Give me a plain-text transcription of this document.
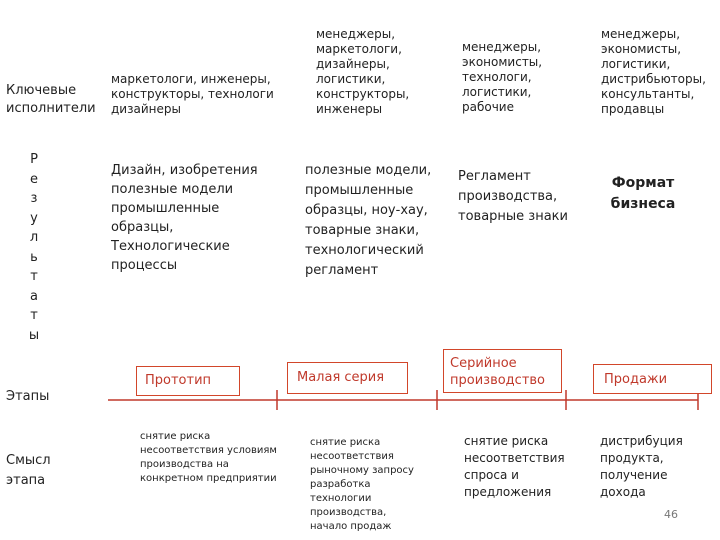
Ключевые
исполнители
Р
е
з
у
л
ь
т
а
т
ы
Этапы
Смысл
этапа
маркетологи, инженеры,
конструкторы, технологи
дизайнеры
менеджеры,
маркетологи,
дизайнеры,
логистики,
конструкторы,
инженеры
менеджеры,
экономисты,
технологи,
логистики,
рабочие
менеджеры,
экономисты,
логистики,
дистрибьюторы,
консультанты,
продавцы
Дизайн, изобретения
полезные модели
промышленные
образцы,
Технологические
процессы
полезные модели,
промышленные
образцы, ноу-хау,
товарные знаки,
технологический
регламент
Регламент
производства,
товарные знаки
Формат
бизнеса
Прототип	Малая серия
Серийное
производство	Продажи
снятие риска
несоответствия условиям
производства на
конкретном предприятии
снятие риска
несоответствия
рыночному запросу
разработка
технологии
производства,
начало продаж
снятие риска
несоответствия
спроса и
предложения
дистрибуция
продукта,
получение
дохода
46
